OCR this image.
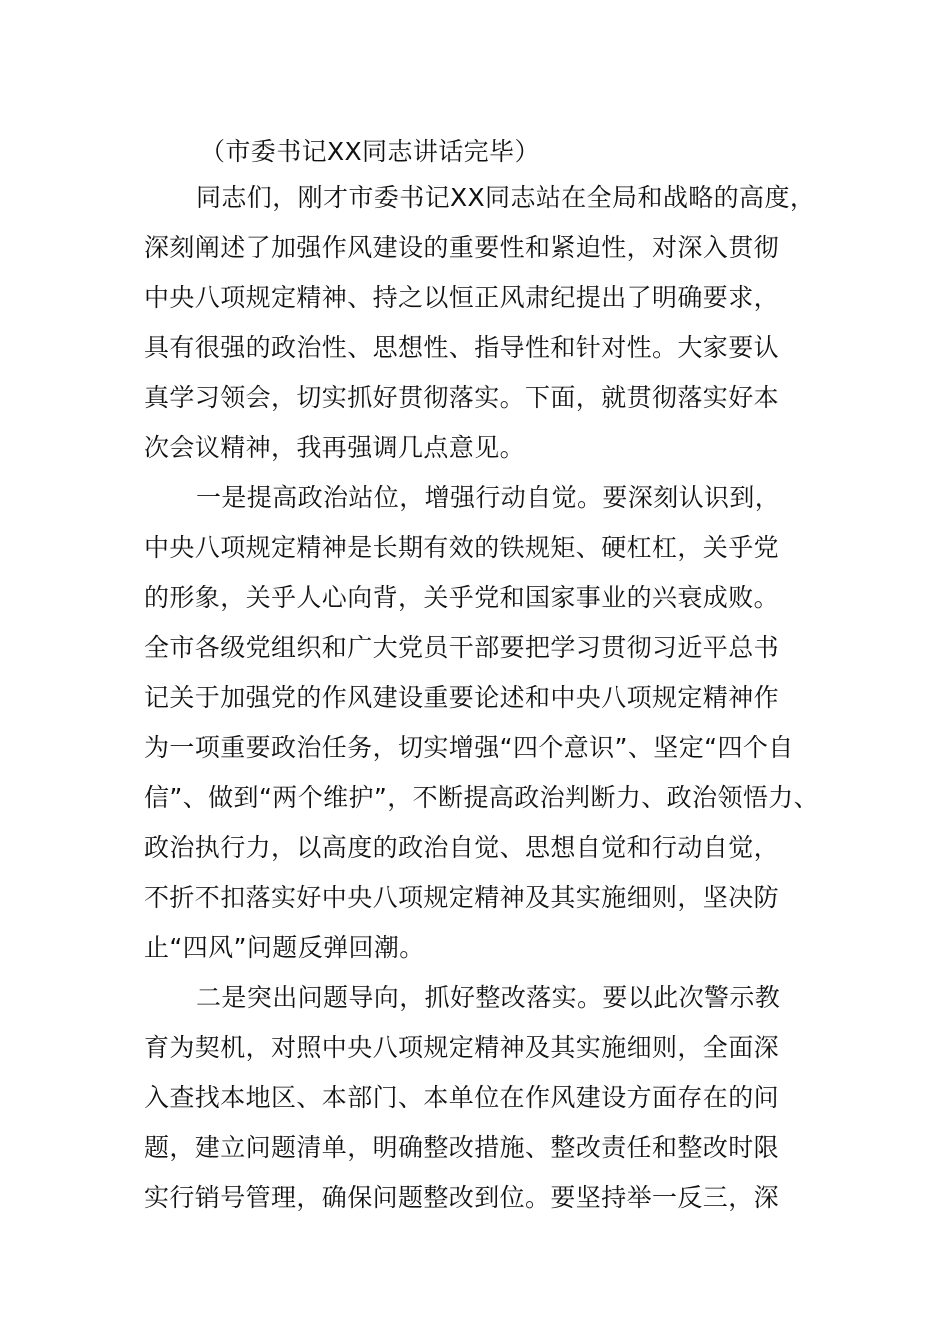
（市委书记XX同志讲话完毕）
同志们，刚才市委书记XX同志站在全局和战略的高度，
深刻阐述了加强作风建设的重要性和紧迫性，对深入贯彻
中央八项规定精神、持之以恒正风肃纪提出了明确要求，
具有很强的政治性、思想性、指导性和针对性。大家要认
真学习领会，切实抓好贯彻落实。下面，就贯彻落实好本
次会议精神，我再强调几点意见。
一是提高政治站位，增强行动自觉。要深刻认识到，
中央八项规定精神是长期有效的铁规矩、硬杠杠，关乎党
的形象，关乎人心向背，关乎党和国家事业的兴衰成败。
全市各级党组织和广大党员干部要把学习贯彻习近平总书
记关于加强党的作风建设重要论述和中央八项规定精神作
为一项重要政治任务，切实增强“四个意识”、坚定“四个自
信”、做到“两个维护”，不断提高政治判断力、政治领悟力、
政治执行力，以高度的政治自觉、思想自觉和行动自觉，
不折不扣落实好中央八项规定精神及其实施细则，坚决防
止“四风”问题反弹回潮。
二是突出问题导向，抓好整改落实。要以此次警示教
育为契机，对照中央八项规定精神及其实施细则，全面深
入查找本地区、本部门、本单位在作风建设方面存在的问
题，建立问题清单，明确整改措施、整改责任和整改时限
实行销号管理，确保问题整改到位。要坚持举一反三，深
